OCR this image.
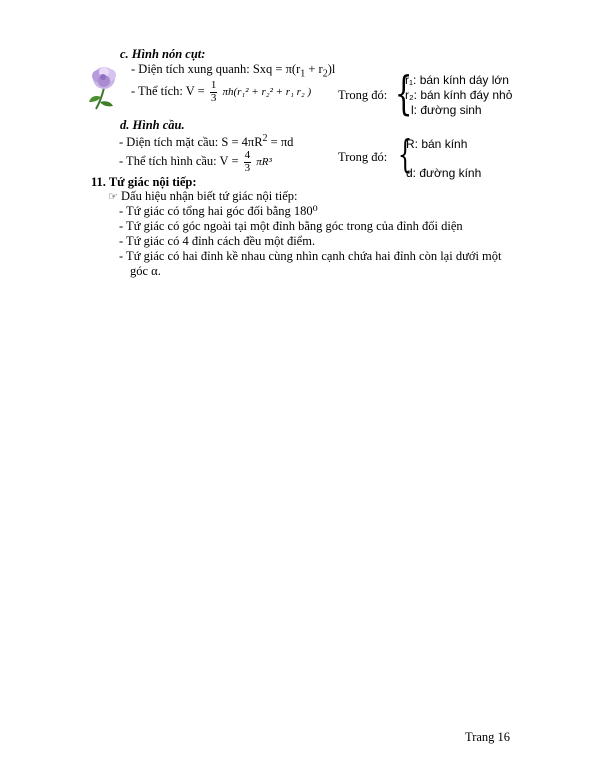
c. Hình nón cụt:
- Diện tích xung quanh: Sxq = $\pi(r_1 + r_2)l$
- Thể tích: $V = \frac{1}{3} \pi h(r_1^2 + r_2^2 + r_1$ r₂ ) Trong đó: {
r₁: bán kính dáy lớn
r₂: bán kính đáy nhỏ
l: đường sinh
d. Hình cầu.
- Diện tích mặt cầu: $S = 4\pi R^2 = \pi d$
- Thể tích hình cầu: $V = \frac{4}{3} \pi R^3$	Trong đó: {
R: bán kính
d: đường kính
11. Tứ giác nội tiếp:
☞ Dấu hiệu nhận biết tứ giác nội tiếp:
- Tứ giác có tổng hai góc đối bằng 180⁰
- Tứ giác có góc ngoài tại một đỉnh bằng góc trong của đỉnh đối diện
- Tứ giác có 4 đỉnh cách đều một điểm.
- Tứ giác có hai đỉnh kề nhau cùng nhìn cạnh chứa hai đỉnh còn lại dưới một
góc α.
Trang 16
